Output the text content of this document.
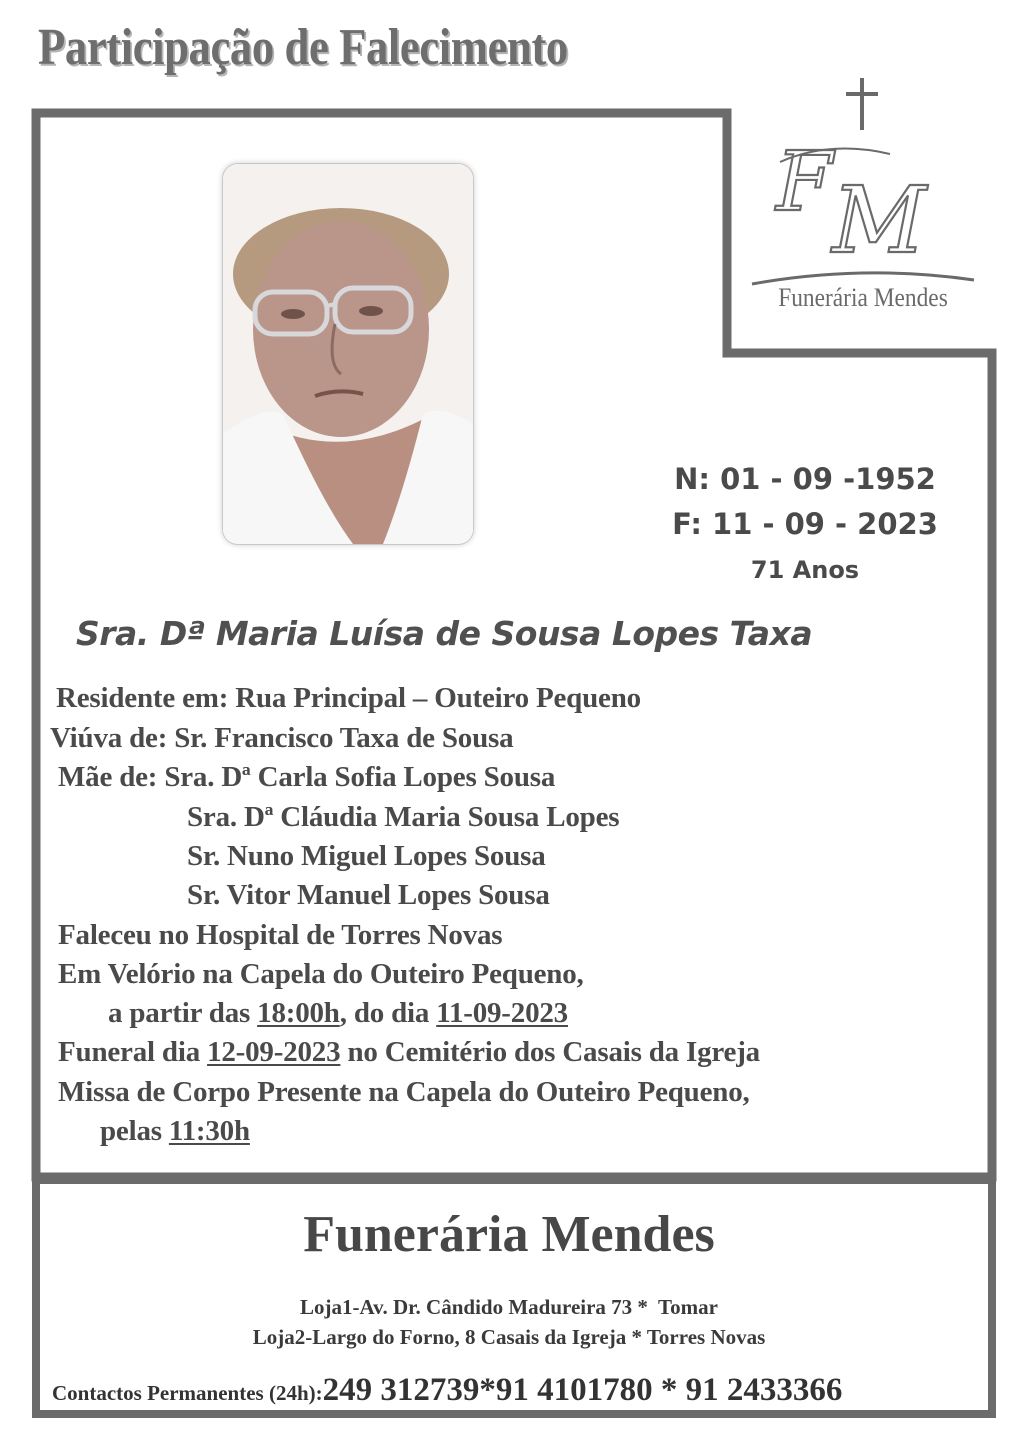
Participação de Falecimento
F M
Funerária Mendes
N: 01 - 09 -1952
F: 11 - 09 - 2023
71 Anos
Sra. Dª Maria Luísa de Sousa Lopes Taxa
Residente em: Rua Principal – Outeiro Pequeno
Viúva de: Sr. Francisco Taxa de Sousa
Mãe de: Sra. Dª Carla Sofia Lopes Sousa
Sra. Dª Cláudia Maria Sousa Lopes
Sr. Nuno Miguel Lopes Sousa
Sr. Vitor Manuel Lopes Sousa
Faleceu no Hospital de Torres Novas
Em Velório na Capela do Outeiro Pequeno,
a partir das 18:00h, do dia 11-09-2023
Funeral dia 12-09-2023 no Cemitério dos Casais da Igreja
Missa de Corpo Presente na Capela do Outeiro Pequeno,
pelas 11:30h
Funerária Mendes
Loja1-Av. Dr. Cândido Madureira 73 *  Tomar
Loja2-Largo do Forno, 8 Casais da Igreja * Torres Novas
Contactos Permanentes (24h):249 312739*91 4101780 * 91 2433366
